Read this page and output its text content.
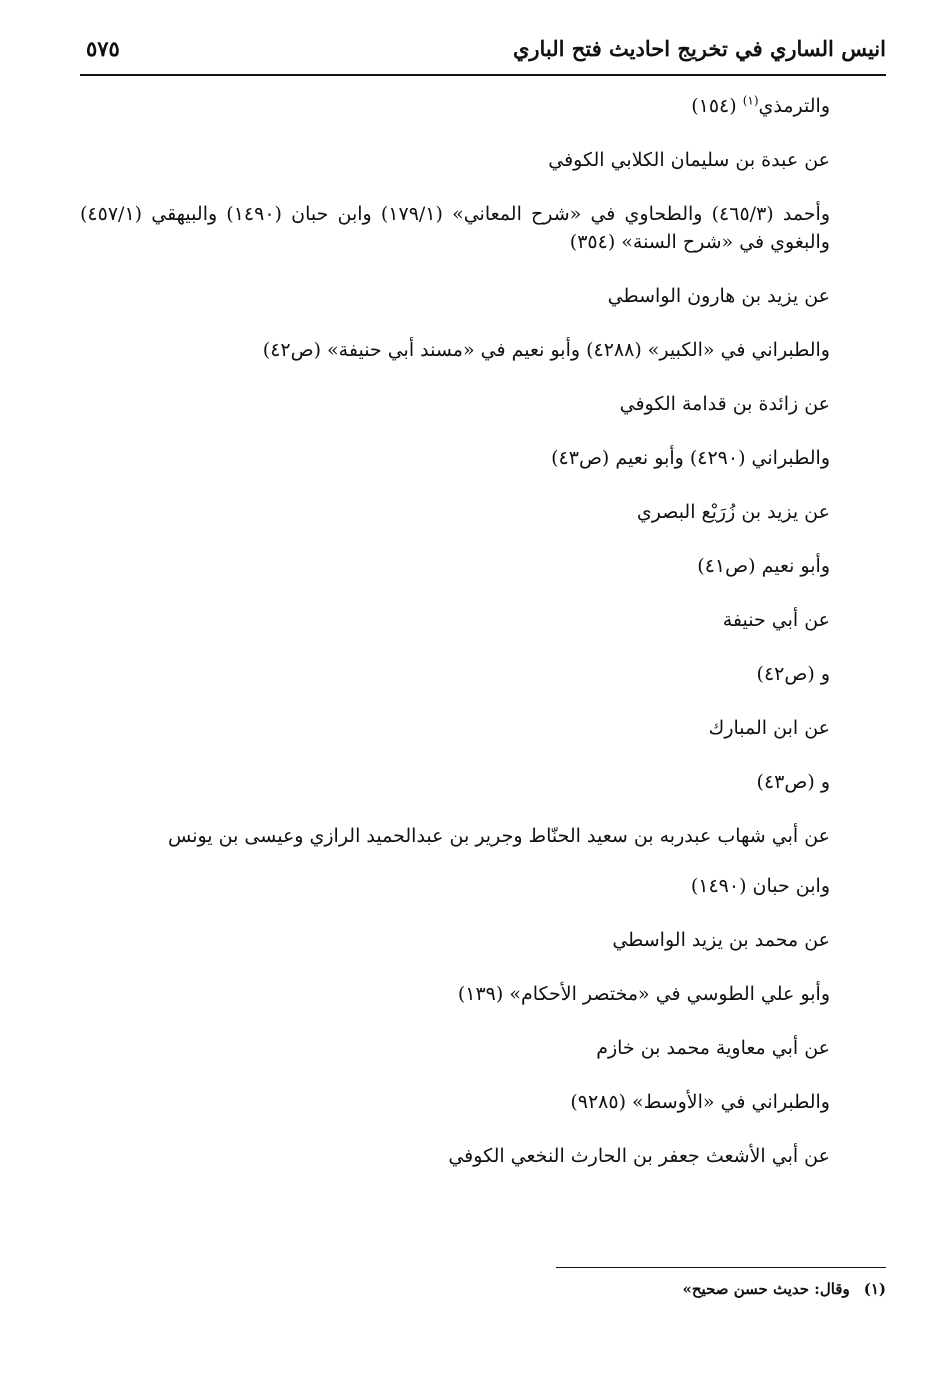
انيس الساري في تخريج احاديث فتح الباري
٥٧٥
والترمذي$^{(١)}$ (١٥٤)
عن عبدة بن سليمان الكلابي الكوفي
وأحمد (٤٦٥/٣) والطحاوي في «شرح المعاني» (١٧٩/١) وابن حبان (١٤٩٠) والبيهقي (٤٥٧/١) والبغوي في «شرح السنة» (٣٥٤)
عن يزيد بن هارون الواسطي
والطبراني في «الكبير» (٤٢٨٨) وأبو نعيم في «مسند أبي حنيفة» (ص٤٢)
عن زائدة بن قدامة الكوفي
والطبراني (٤٢٩٠) وأبو نعيم (ص٤٣)
عن يزيد بن زُرَيْع البصري
وأبو نعيم (ص٤١)
عن أبي حنيفة
و (ص٤٢)
عن ابن المبارك
و (ص٤٣)
عن أبي شهاب عبدربه بن سعيد الحنّاط وجرير بن عبدالحميد الرازي وعيسى بن يونس
وابن حبان (١٤٩٠)
عن محمد بن يزيد الواسطي
وأبو علي الطوسي في «مختصر الأحكام» (١٣٩)
عن أبي معاوية محمد بن خازم
والطبراني في «الأوسط» (٩٢٨٥)
عن أبي الأشعث جعفر بن الحارث النخعي الكوفي
(١)وقال: حديث حسن صحيح»
